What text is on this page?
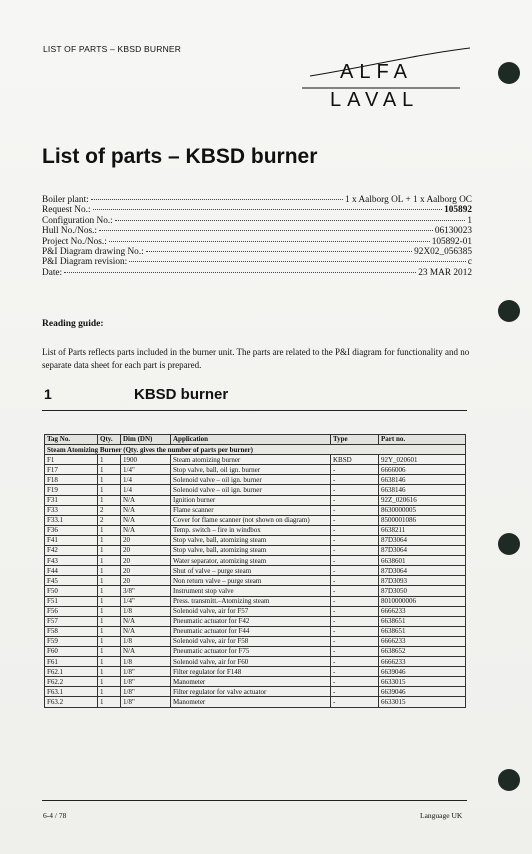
LIST OF PARTS – KBSD BURNER
ALFA
LAVAL
List of parts – KBSD burner
Boiler plant:	1 x Aalborg OL + 1 x Aalborg OC
Request No.:	105892
Configuration No.:	1
Hull No./Nos.:	06130023
Project No./Nos.:	105892-01
P&I Diagram drawing No.:	92X02_056385
P&I Diagram revision:	c
Date:	23 MAR 2012
Reading guide:
List of Parts reflects parts included in the burner unit. The parts are related to the P&I diagram for functionality and no separate data sheet for each part is prepared.
1	KBSD burner
Tag No.	Qty.	Dim (DN)	Application	Type	Part no.
Steam Atomizing Burner (Qty. gives the number of parts per burner)					
F1	1	1900	Steam atomizing burner	KBSD	92Y_020601
F17	1	1/4"	Stop valve, ball, oil ign. burner	-	6666006
F18	1	1/4	Solenoid valve – oil ign. burner	-	6638146
F19	1	1/4	Solenoid valve – oil ign. burner	-	6638146
F31	1	N/A	Ignition burner	-	92Z_020616
F33	2	N/A	Flame scanner	-	8630000005
F33.1	2	N/A	Cover for flame scanner (not shown on diagram)	-	8500001086
F36	1	N/A	Temp. switch – fire in windbox	-	6638211
F41	1	20	Stop valve, ball, atomizing steam	-	87D3064
F42	1	20	Stop valve, ball, atomizing steam	-	87D3064
F43	1	20	Water separator, atomizing steam	-	6638601
F44	1	20	Shut of valve – purge steam	-	87D3064
F45	1	20	Non return valve – purge steam	-	87D3093
F50	1	3/8"	Instrument stop valve	-	87D3050
F51	1	1/4"	Press. transmitt.–Atomizing steam	-	8010000006
F56	1	1/8	Solenoid valve, air for F57	-	6666233
F57	1	N/A	Pneumatic actuator for F42	-	6638651
F58	1	N/A	Pneumatic actuator for F44	-	6638651
F59	1	1/8	Solenoid valve, air for F58	-	6666233
F60	1	N/A	Pneumatic actuator for F75	-	6638652
F61	1	1/8	Solenoid valve, air for F60	-	6666233
F62.1	1	1/8"	Filter regulator for F148	-	6639046
F62.2	1	1/8"	Manometer	-	6633015
F63.1	1	1/8"	Filter regulator for valve actuator	-	6639046
F63.2	1	1/8"	Manometer	-	6633015
6-4 / 78	Language UK
